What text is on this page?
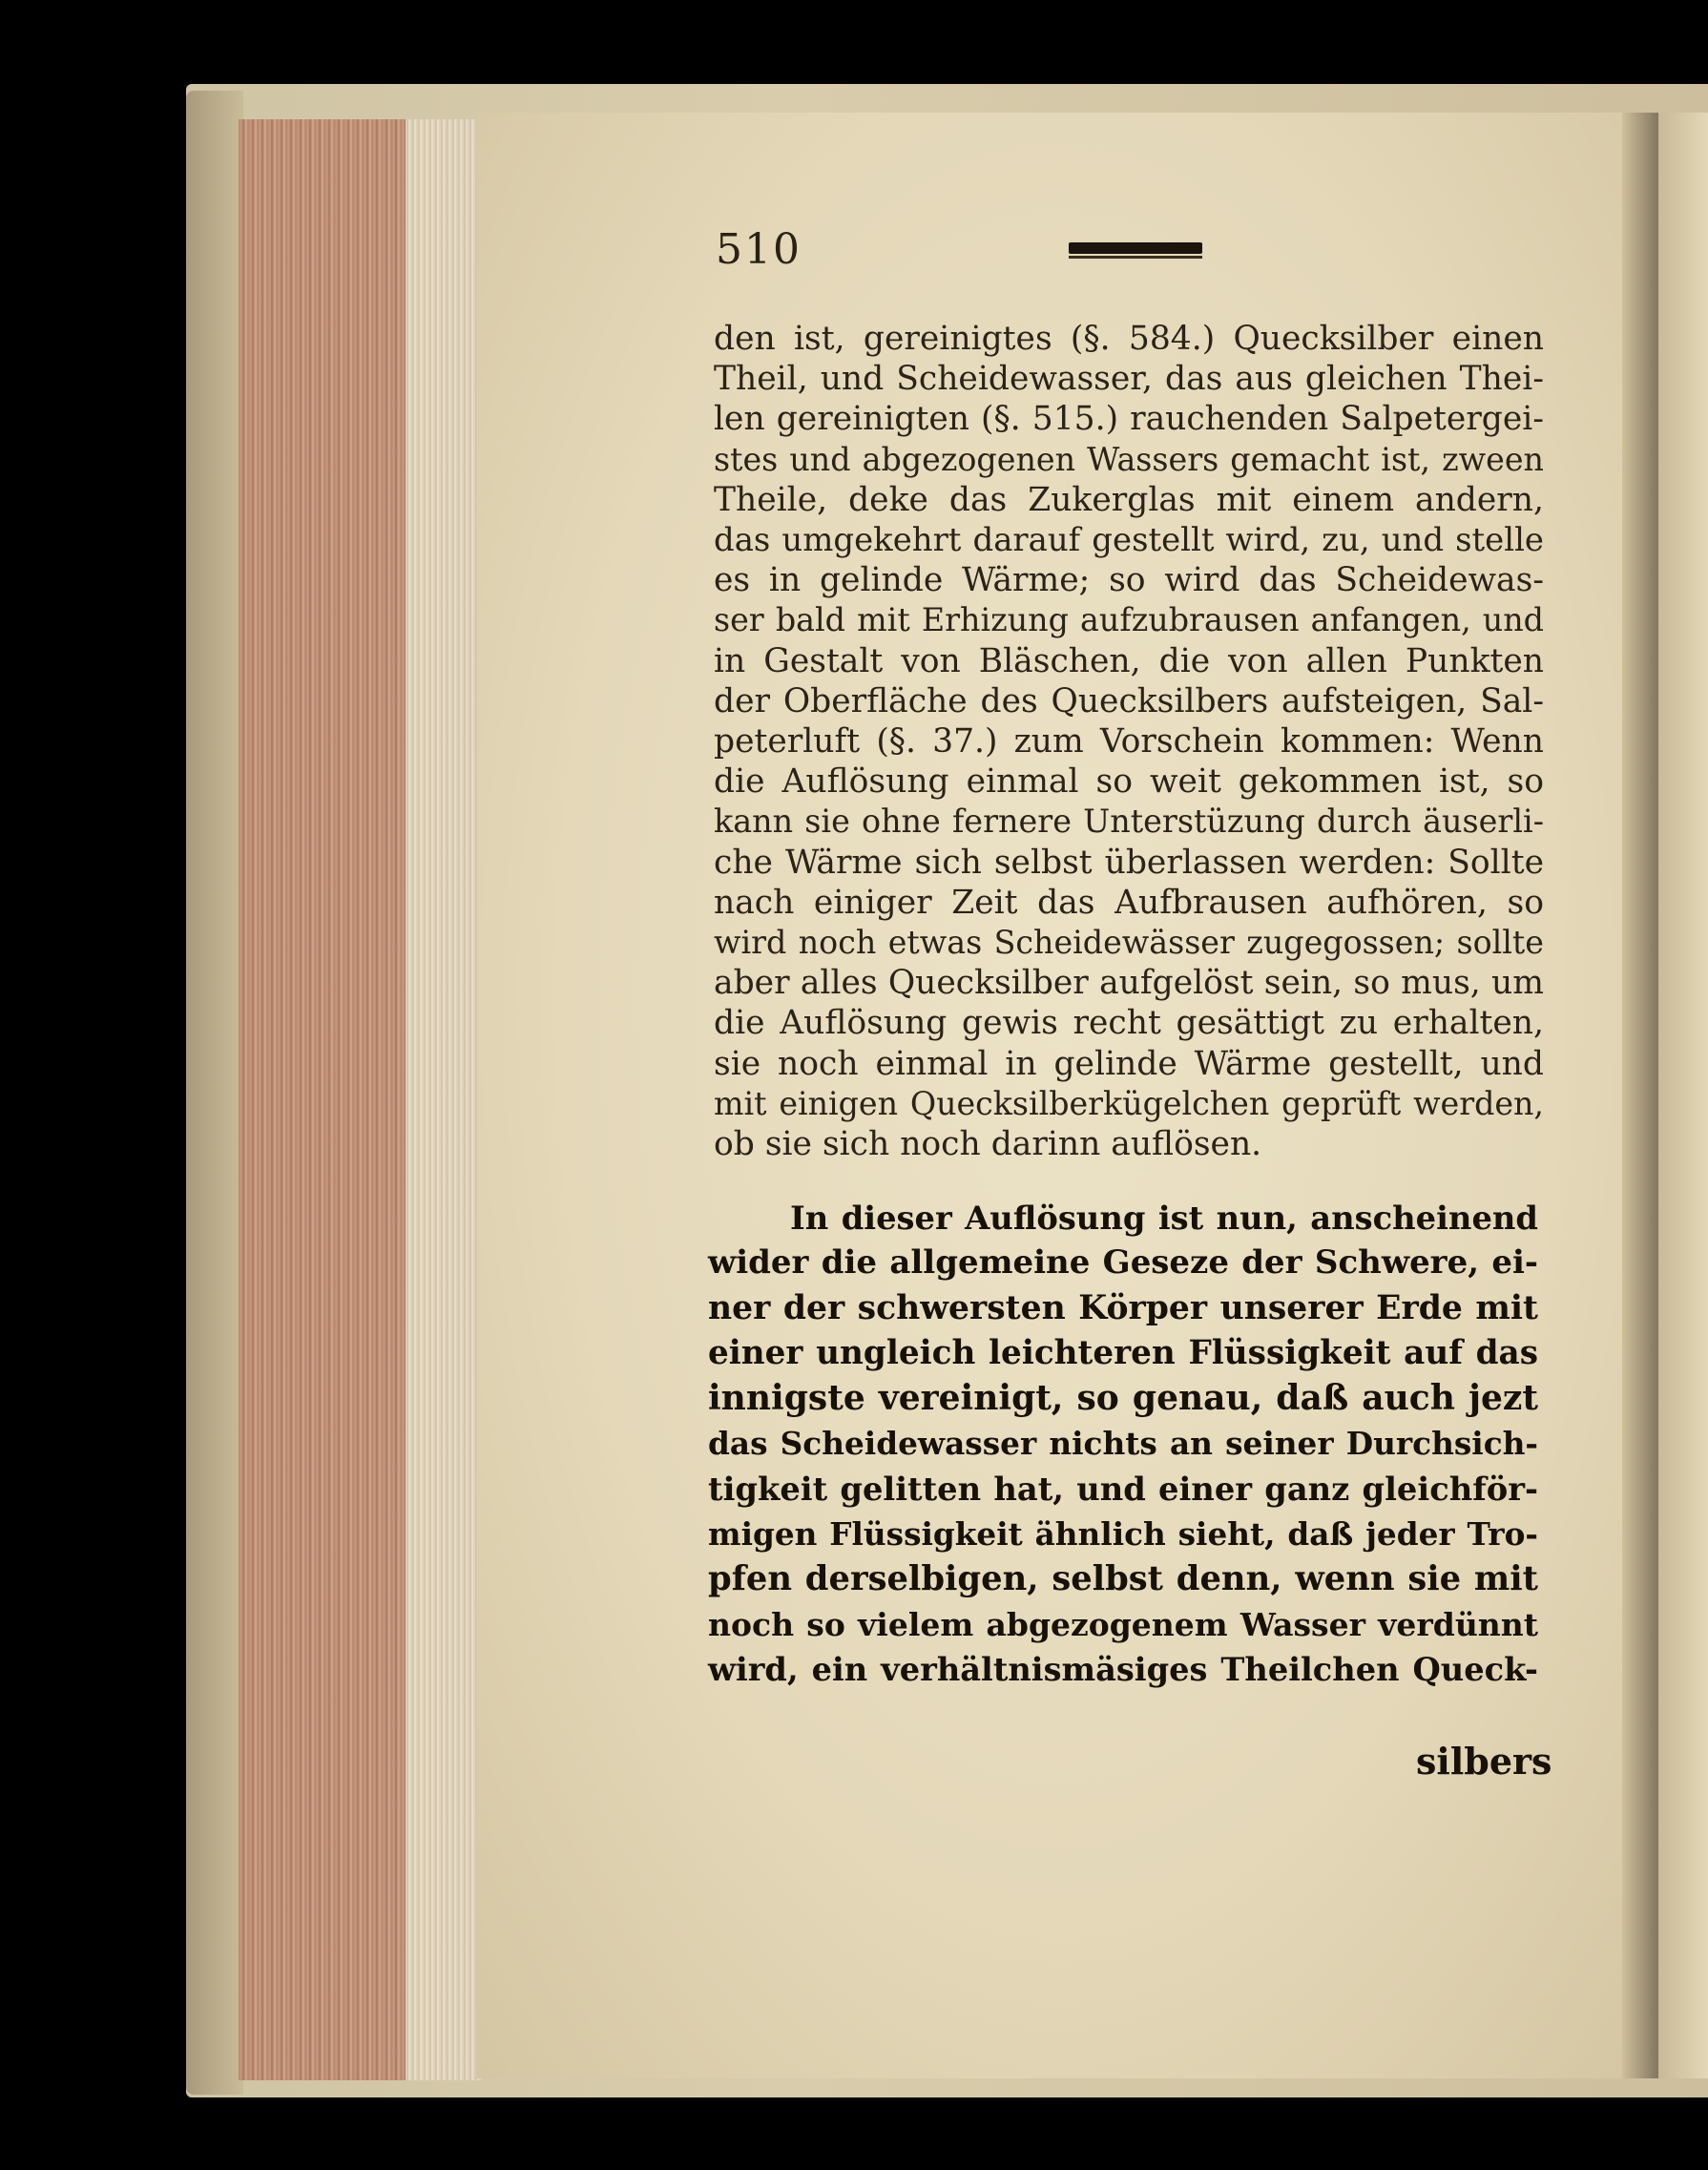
510
den ist, gereinigtes (§. 584.) Quecksilber einen
Theil, und Scheidewasser, das aus gleichen Thei-
len gereinigten (§. 515.) rauchenden Salpetergei-
stes und abgezogenen Wassers gemacht ist, zween
Theile, deke das Zukerglas mit einem andern,
das umgekehrt darauf gestellt wird, zu, und stelle
es in gelinde Wärme; so wird das Scheidewas-
ser bald mit Erhizung aufzubrausen anfangen, und
in Gestalt von Bläschen, die von allen Punkten
der Oberfläche des Quecksilbers aufsteigen, Sal-
peterluft (§. 37.) zum Vorschein kommen: Wenn
die Auflösung einmal so weit gekommen ist, so
kann sie ohne fernere Unterstüzung durch äuserli-
che Wärme sich selbst überlassen werden: Sollte
nach einiger Zeit das Aufbrausen aufhören, so
wird noch etwas Scheidewässer zugegossen; sollte
aber alles Quecksilber aufgelöst sein, so mus, um
die Auflösung gewis recht gesättigt zu erhalten,
sie noch einmal in gelinde Wärme gestellt, und
mit einigen Quecksilberkügelchen geprüft werden,
ob sie sich noch darinn auflösen.
In dieser Auflösung ist nun, anscheinend
wider die allgemeine Geseze der Schwere, ei-
ner der schwersten Körper unserer Erde mit
einer ungleich leichteren Flüssigkeit auf das
innigste vereinigt, so genau, daß auch jezt
das Scheidewasser nichts an seiner Durchsich-
tigkeit gelitten hat, und einer ganz gleichför-
migen Flüssigkeit ähnlich sieht, daß jeder Tro-
pfen derselbigen, selbst denn, wenn sie mit
noch so vielem abgezogenem Wasser verdünnt
wird, ein verhältnismäsiges Theilchen Queck-
silbers
